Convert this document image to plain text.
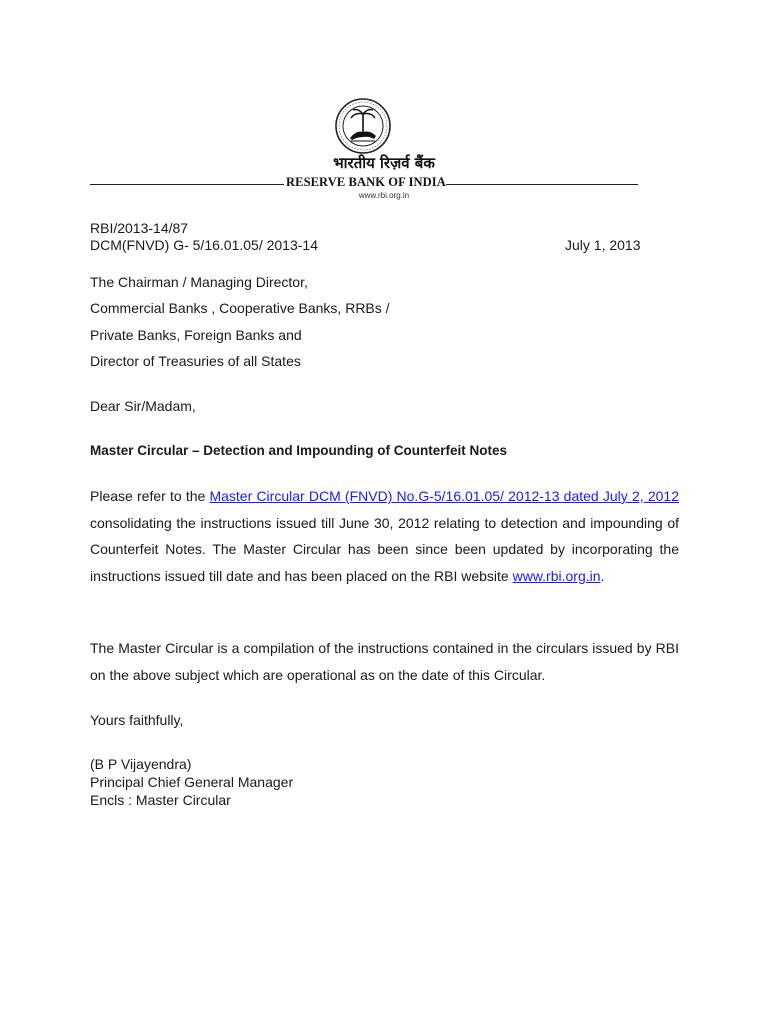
भारतीय रिज़र्व बैंक
RESERVE BANK OF INDIA
www.rbi.org.in
RBI/2013-14/87
DCM(FNVD) G- 5/16.01.05/ 2013-14	July 1, 2013
The Chairman / Managing Director,
Commercial Banks , Cooperative Banks, RRBs /
Private Banks, Foreign Banks and
Director of Treasuries of all States
Dear Sir/Madam,
Master Circular – Detection and Impounding of Counterfeit Notes
Please refer to the Master Circular DCM (FNVD) No.G-5/16.01.05/ 2012-13 dated July 2, 2012 consolidating the instructions issued till June 30, 2012 relating to detection and impounding of Counterfeit Notes. The Master Circular has been since been updated by incorporating the instructions issued till date and has been placed on the RBI website www.rbi.org.in.
The Master Circular is a compilation of the instructions contained in the circulars issued by RBI on the above subject which are operational as on the date of this Circular.
Yours faithfully,
(B P Vijayendra)
Principal Chief General Manager
Encls : Master Circular
